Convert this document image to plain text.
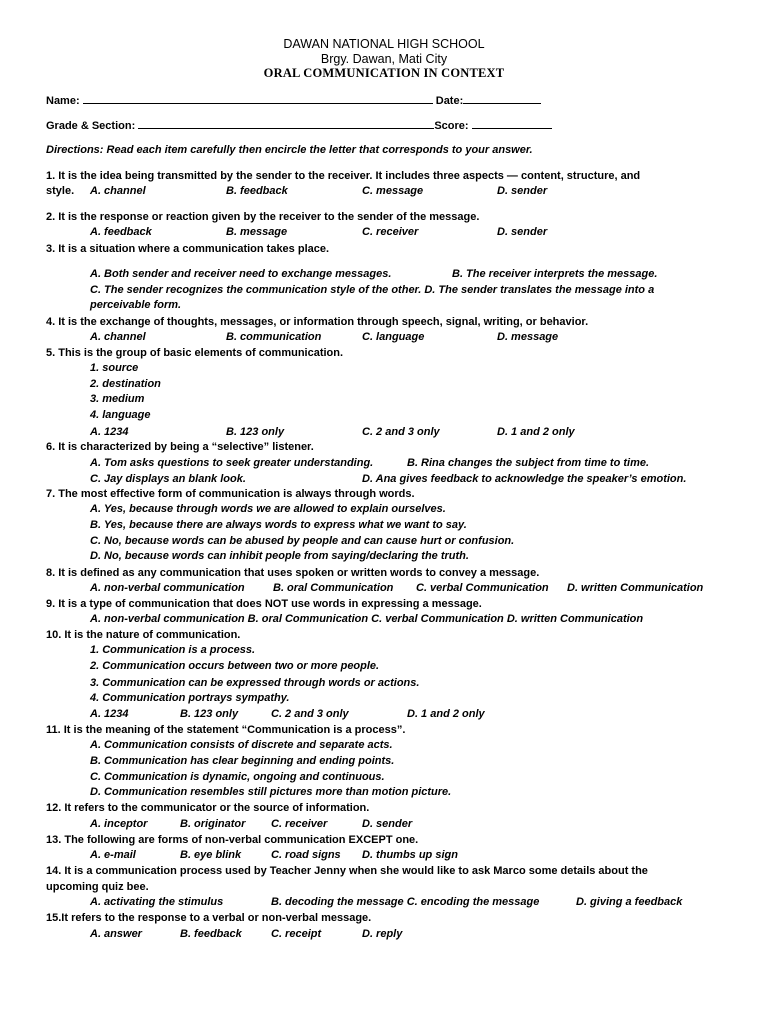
DAWAN NATIONAL HIGH SCHOOL
Brgy. Dawan, Mati City
ORAL COMMUNICATION IN CONTEXT
Name:	Date:
Grade & Section:	Score:
Directions: Read each item carefully then encircle the letter that corresponds to your answer.
1. It is the idea being transmitted by the sender to the receiver. It includes three aspects — content, structure, and
style. A. channel	B. feedback	C. message	D. sender
2. It is the response or reaction given by the receiver to the sender of the message.
A. feedback	B. message	C. receiver	D. sender
3. It is a situation where a communication takes place.
A. Both sender and receiver need to exchange messages.	B. The receiver interprets the message.
C. The sender recognizes the communication style of the other. D. The sender translates the message into a
perceivable form.
4. It is the exchange of thoughts, messages, or information through speech, signal, writing, or behavior.
A. channel	B. communication	C. language	D. message
5. This is the group of basic elements of communication.
1. source
2. destination
3. medium
4. language
A. 1234	B. 123 only	C. 2 and 3 only	D. 1 and 2 only
6. It is characterized by being a “selective” listener.
A. Tom asks questions to seek greater understanding.	B. Rina changes the subject from time to time.
C. Jay displays an blank look.	D. Ana gives feedback to acknowledge the speaker’s emotion.
7. The most effective form of communication is always through words.
A. Yes, because through words we are allowed to explain ourselves.
B. Yes, because there are always words to express what we want to say.
C. No, because words can be abused by people and can cause hurt or confusion.
D. No, because words can inhibit people from saying/declaring the truth.
8. It is defined as any communication that uses spoken or written words to convey a message.
A. non-verbal communication	B. oral Communication C. verbal Communication D. written Communication
9. It is a type of communication that does NOT use words in expressing a message.
A. non-verbal communication B. oral Communication C. verbal Communication D. written Communication
10. It is the nature of communication.
1. Communication is a process.
2. Communication occurs between two or more people.
3. Communication can be expressed through words or actions.
4. Communication portrays sympathy.
A. 1234	B. 123 only	C. 2 and 3 only	D. 1 and 2 only
11. It is the meaning of the statement “Communication is a process”.
A. Communication consists of discrete and separate acts.
B. Communication has clear beginning and ending points.
C. Communication is dynamic, ongoing and continuous.
D. Communication resembles still pictures more than motion picture.
12. It refers to the communicator or the source of information.
A. inceptor	B. originator C. receiver	D. sender
13. The following are forms of non-verbal communication EXCEPT one.
A. e-mail	B. eye blink	C. road signs D. thumbs up sign
14. It is a communication process used by Teacher Jenny when she would like to ask Marco some details about the
upcoming quiz bee.
A. activating the stimulus	B. decoding the message C. encoding the message	D. giving a feedback
15.It refers to the response to a verbal or non-verbal message.
A. answer	B. feedback	C. receipt	D. reply
